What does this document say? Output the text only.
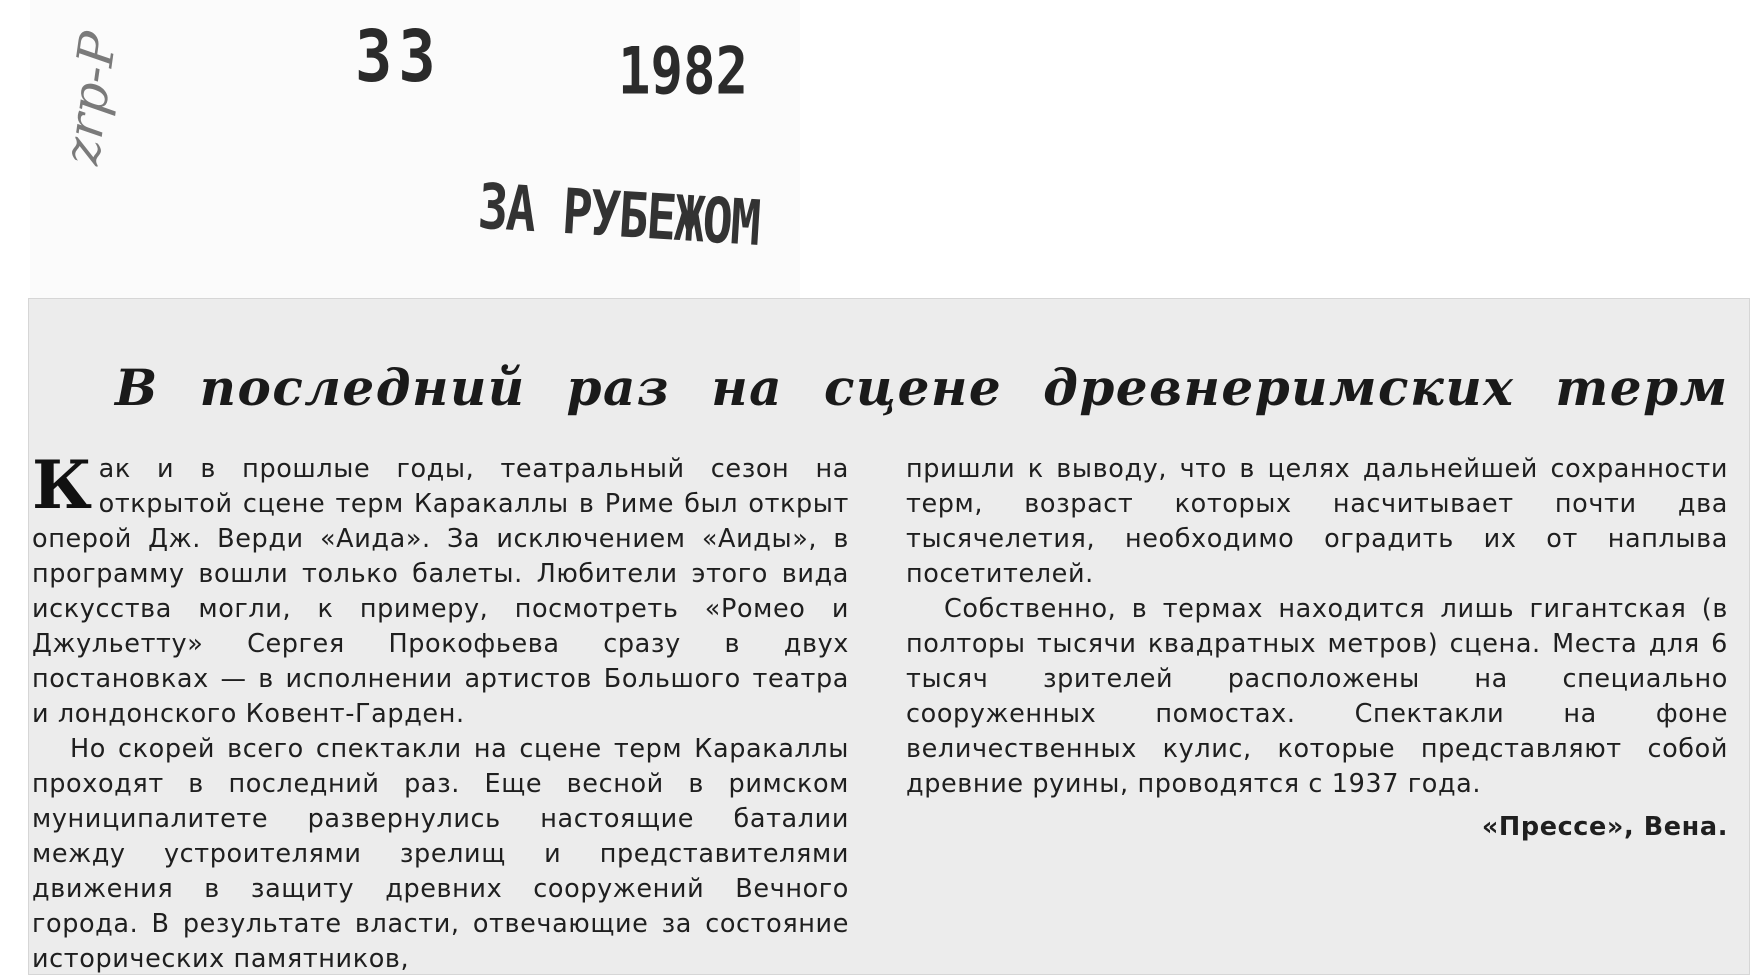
33	1982
zrp-P
ЗА РУБЕЖОМ
В последний раз на сцене древнеримских терм

Как и в прошлые годы, театральный сезон на открытой сцене терм Каракаллы в Риме был открыт оперой Дж. Верди «Аида». За исключением «Аиды», в программу вошли только балеты. Любители этого вида искусства могли, к примеру, посмотреть «Ромео и Джульетту» Сергея Прокофьева сразу в двух постановках — в исполнении артистов Большого театра и лондонского Ковент-Гарден.

Но скорей всего спектакли на сцене терм Каракаллы проходят в последний раз. Еще весной в римском муниципалитете развернулись настоящие баталии между устроителями зрелищ и представителями движения в защиту древних сооружений Вечного города. В результате власти, отвечающие за состояние исторических памятников,

пришли к выводу, что в целях дальнейшей сохранности терм, возраст которых насчитывает почти два тысячелетия, необходимо оградить их от наплыва посетителей.

Собственно, в термах находится лишь гигантская (в полторы тысячи квадратных метров) сцена. Места для 6 тысяч зрителей расположены на специально сооруженных помостах. Спектакли на фоне величественных кулис, которые представляют собой древние руины, проводятся с 1937 года.

«Прессе», Вена.
